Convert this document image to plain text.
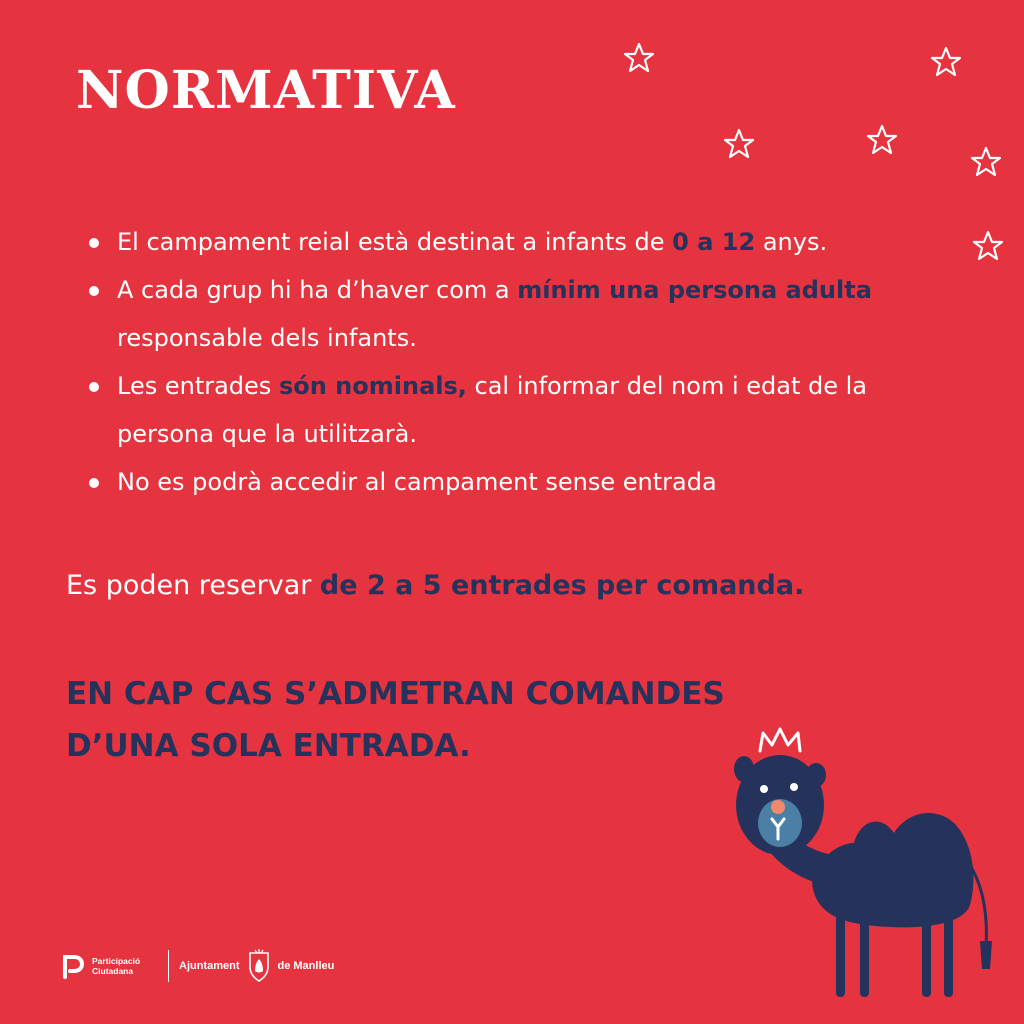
NORMATIVA
El campament reial està destinat a infants de 0 a 12 anys.
A cada grup hi ha d’haver com a mínim una persona adulta responsable dels infants.
Les entrades són nominals, cal informar del nom i edat de la persona que la utilitzarà.
No es podrà accedir al campament sense entrada

Es poden reservar de 2 a 5 entrades per comanda.

EN CAP CAS S’ADMETRAN COMANDES
D’UNA SOLA ENTRADA.

Participació
Ciutadana	Ajuntament	de Manlleu
